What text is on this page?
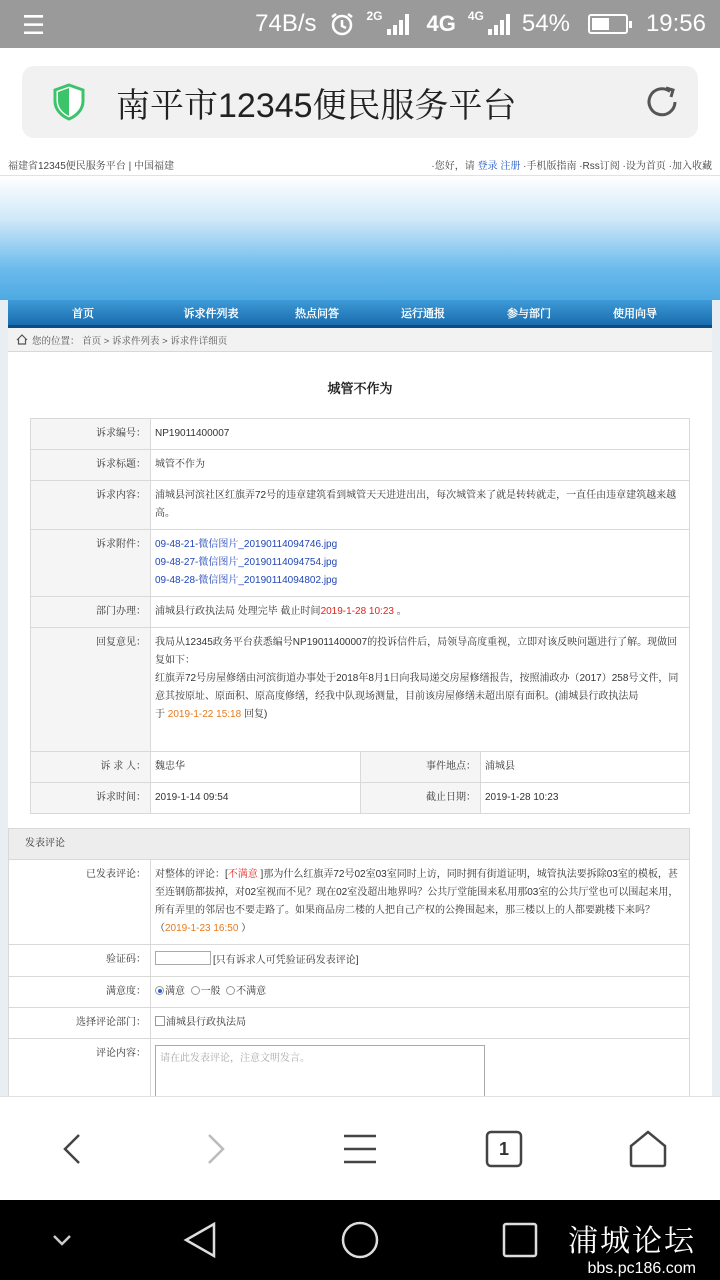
☰	74B/s	2G 4G 4G 54%	19:56
南平市12345便民服务平台
福建省12345便民服务平台 | 中国福建	·您好，请 登录 注册 ·手机版指南 ·Rss订阅 ·设为首页 ·加入收藏
首页	诉求件列表	热点问答	运行通报	参与部门	使用向导
您的位置： 首页 > 诉求件列表 > 诉求件详细页
城管不作为
诉求编号：	NP19011400007		
诉求标题：	城管不作为		
诉求内容：	浦城县河滨社区红旗弄72号的违章建筑看到城管天天进进出出，每次城管来了就是转转就走，一直任由违章建筑越来越高。		
诉求附件：	09-48-21-微信图片_20190114094746.jpg
09-48-27-微信图片_20190114094754.jpg
09-48-28-微信图片_20190114094802.jpg		

部门办理：	浦城县行政执法局 处理完毕 截止时间2019-1-28 10:23 。		
回复意见：	我局从12345政务平台获悉编号NP19011400007的投诉信件后，局领导高度重视，立即对该反映问题进行了解。现做回复如下：
红旗弄72号房屋修缮由河滨街道办事处于2018年8月1日向我局递交房屋修缮报告，按照浦政办（2017）258号文件，同意其按原址、原面积、原高度修缮，经我中队现场测量，目前该房屋修缮未超出原有面积。(浦城县行政执法局
于 2019-1-22 15:18 回复)		

诉 求 人：	魏忠华	事件地点：	浦城县
诉求时间：	2019-1-14 09:54	截止日期：	2019-1-28 10:23
发表评论	
已发表评论：	对整体的评论：[不满意 ]那为什么红旗弄72号02室03室同时上访，同时拥有街道证明，城管执法要拆除03室的模板，甚至连钢筋都拔掉，对02室视而不见？现在02室没超出地界吗？公共厅堂能围来私用那03室的公共厅堂也可以围起来用，所有弄里的邻居也不要走路了。如果商品房二楼的人把自己产权的公搀围起来，那三楼以上的人都要跳楼下来吗？（2019-1-23 16:50 ）
验证码：	[只有诉求人可凭验证码发表评论]
满意度：	满意 一般 不满意
选择评论部门：	浦城县行政执法局
评论内容：	请在此发表评论，注意文明发言。
1
浦城论坛
bbs.pc186.com
